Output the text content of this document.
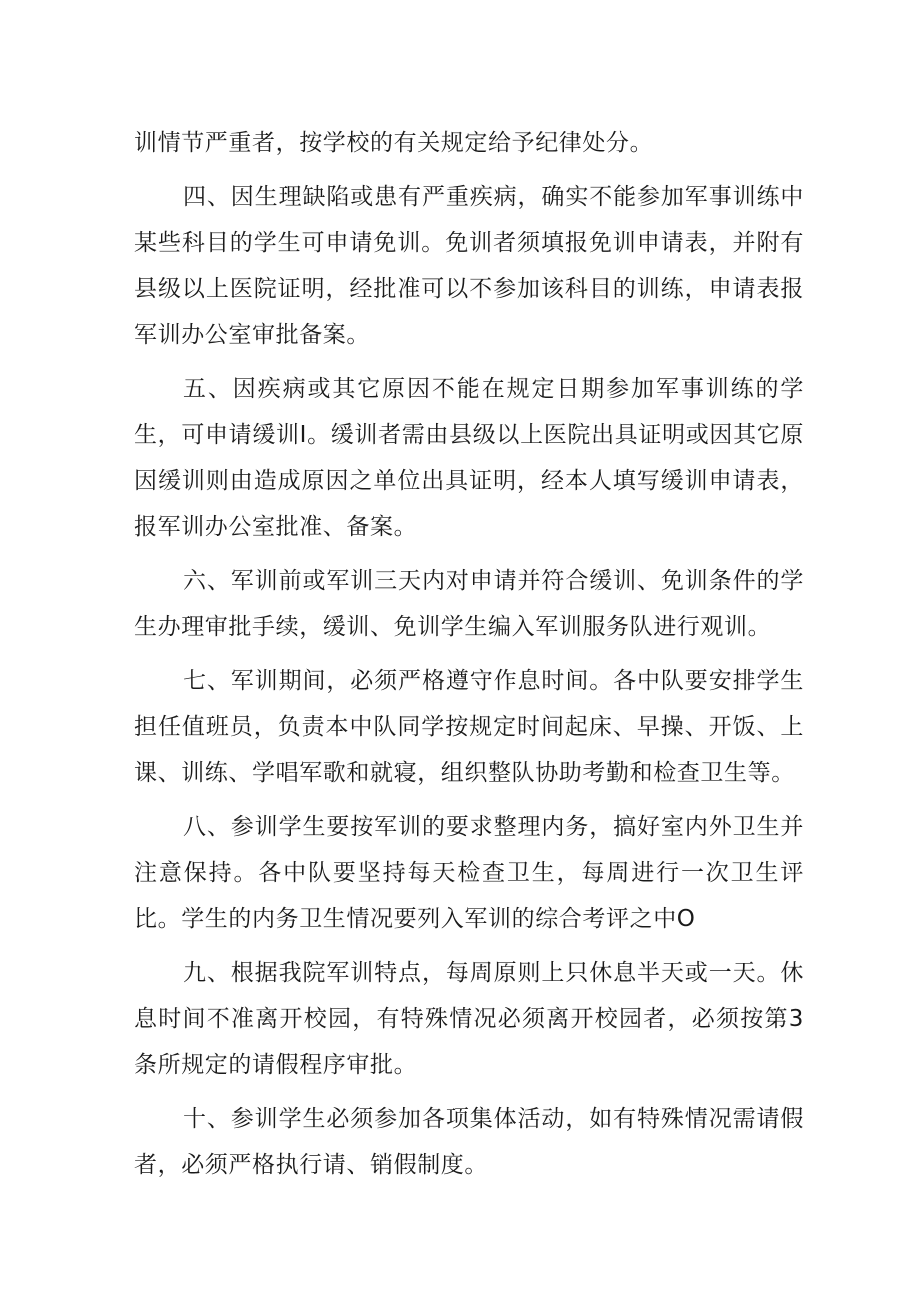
训情节严重者，按学校的有关规定给予纪律处分。

四、因生理缺陷或患有严重疾病，确实不能参加军事训练中某些科目的学生可申请免训。免训者须填报免训申请表，并附有县级以上医院证明，经批准可以不参加该科目的训练，申请表报军训办公室审批备案。

五、因疾病或其它原因不能在规定日期参加军事训练的学生，可申请缓训I。缓训者需由县级以上医院出具证明或因其它原因缓训则由造成原因之单位出具证明，经本人填写缓训申请表，报军训办公室批准、备案。

六、军训前或军训三天内对申请并符合缓训、免训条件的学生办理审批手续，缓训、免训学生编入军训服务队进行观训。

七、军训期间，必须严格遵守作息时间。各中队要安排学生担任值班员，负责本中队同学按规定时间起床、早操、开饭、上课、训练、学唱军歌和就寝，组织整队协助考勤和检查卫生等。

八、参训学生要按军训的要求整理内务，搞好室内外卫生并注意保持。各中队要坚持每天检查卫生，每周进行一次卫生评比。学生的内务卫生情况要列入军训的综合考评之中O

九、根据我院军训特点，每周原则上只休息半天或一天。休息时间不准离开校园，有特殊情况必须离开校园者，必须按第3条所规定的请假程序审批。

十、参训学生必须参加各项集体活动，如有特殊情况需请假者，必须严格执行请、销假制度。
